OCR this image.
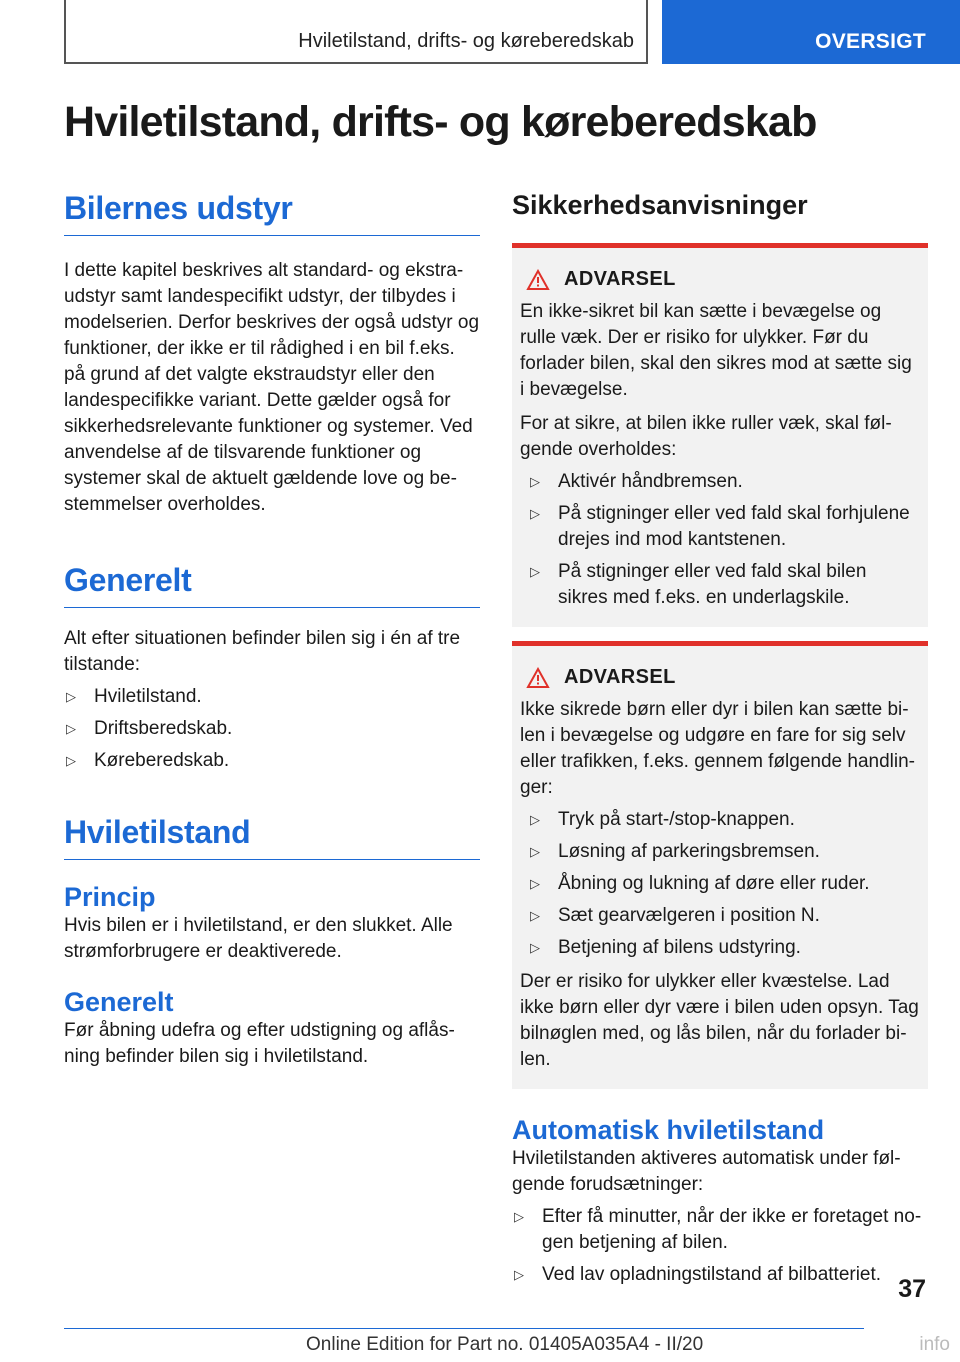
Hviletilstand, drifts- og køreberedskab	OVERSIGT
Hviletilstand, drifts- og køreberedskab
Bilernes udstyr

I dette kapitel beskrives alt standard- og ekstraudstyr samt landespecifikt udstyr, der tilbydes i modelserien. Derfor beskrives der også udstyr og funktioner, der ikke er til rådighed i en bil f.eks. på grund af det valgte ekstraudstyr eller den landespecifikke variant. Dette gælder også for sikkerhedsrelevante funktioner og systemer. Ved anvendelse af de tilsvarende funktioner og systemer skal de aktuelt gældende love og bestemmelser overholdes.

Generelt

Alt efter situationen befinder bilen sig i én af tre tilstande:

▷ Hviletilstand.
▷ Driftsberedskab.
▷ Køreberedskab.
Hviletilstand
Princip

Hvis bilen er i hviletilstand, er den slukket. Alle strømforbrugere er deaktiverede.

Generelt

Før åbning udefra og efter udstigning og aflåsning befinder bilen sig i hviletilstand.

Sikkerhedsanvisninger
ADVARSEL

En ikke-sikret bil kan sætte i bevægelse og rulle væk. Der er risiko for ulykker. Før du forlader bilen, skal den sikres mod at sætte sig i bevægelse.

For at sikre, at bilen ikke ruller væk, skal følgende overholdes:

▷ Aktivér håndbremsen.
▷ På stigninger eller ved fald skal forhjulene drejes ind mod kantstenen.
▷ På stigninger eller ved fald skal bilen sikres med f.eks. en underlagskile.
ADVARSEL

Ikke sikrede børn eller dyr i bilen kan sætte bilen i bevægelse og udgøre en fare for sig selv eller trafikken, f.eks. gennem følgende handlinger:

▷ Tryk på start-/stop-knappen.
▷ Løsning af parkeringsbremsen.
▷ Åbning og lukning af døre eller ruder.
▷ Sæt gearvælgeren i position N.
▷ Betjening af bilens udstyring.

Der er risiko for ulykker eller kvæstelse. Lad ikke børn eller dyr være i bilen uden opsyn. Tag bilnøglen med, og lås bilen, når du forlader bilen.

Automatisk hviletilstand

Hviletilstanden aktiveres automatisk under følgende forudsætninger:

▷ Efter få minutter, når der ikke er foretaget nogen betjening af bilen.
▷ Ved lav opladningstilstand af bilbatteriet.
37
Online Edition for Part no. 01405A035A4 - II/20	info
